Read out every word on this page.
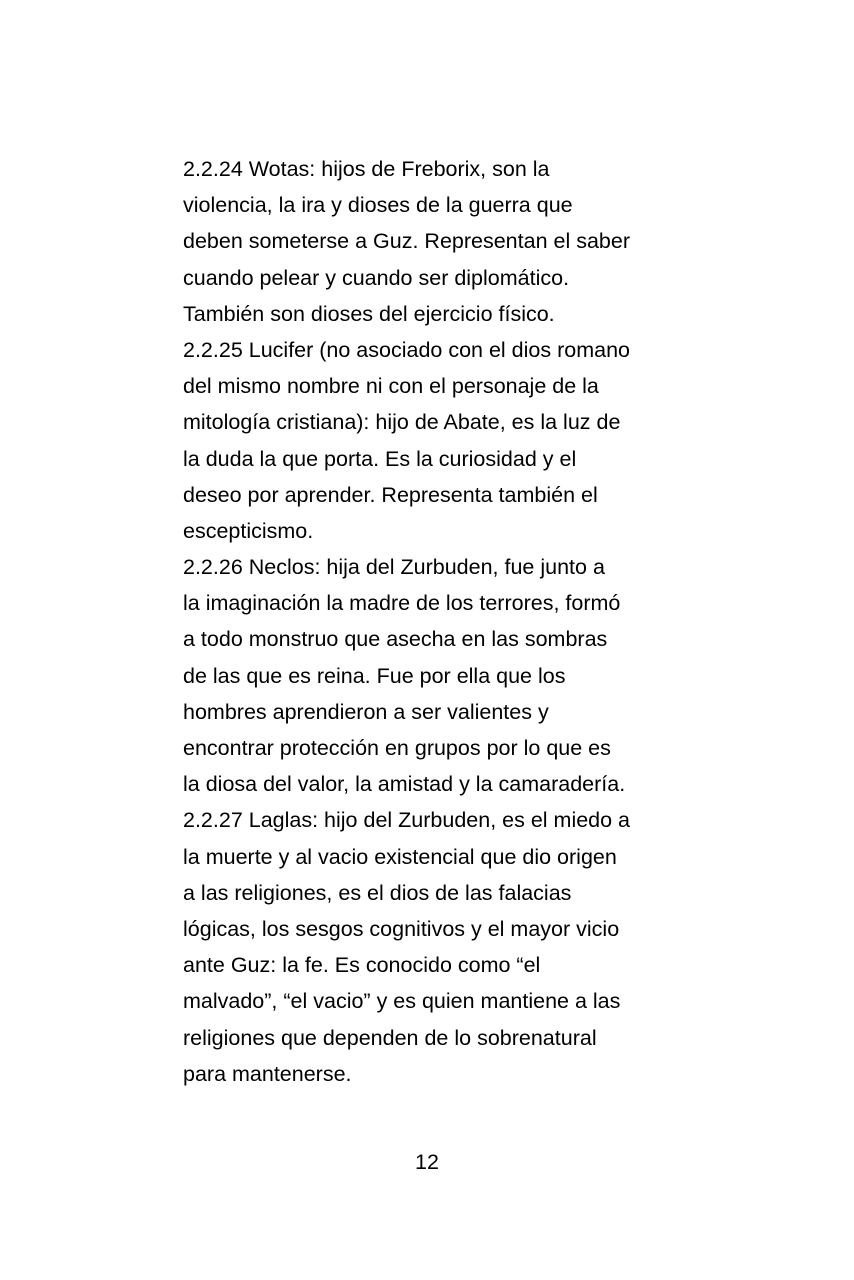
2.2.24 Wotas: hijos de Freborix, son la
violencia, la ira y dioses de la guerra que
deben someterse a Guz. Representan el saber
cuando pelear y cuando ser diplomático.
También son dioses del ejercicio físico.
2.2.25 Lucifer (no asociado con el dios romano
del mismo nombre ni con el personaje de la
mitología cristiana): hijo de Abate, es la luz de
la duda la que porta. Es la curiosidad y el
deseo por aprender. Representa también el
escepticismo.
2.2.26 Neclos: hija del Zurbuden, fue junto a
la imaginación la madre de los terrores, formó
a todo monstruo que asecha en las sombras
de las que es reina. Fue por ella que los
hombres aprendieron a ser valientes y
encontrar protección en grupos por lo que es
la diosa del valor, la amistad y la camaradería.
2.2.27 Laglas: hijo del Zurbuden, es el miedo a
la muerte y al vacio existencial que dio origen
a las religiones, es el dios de las falacias
lógicas, los sesgos cognitivos y el mayor vicio
ante Guz: la fe. Es conocido como “el
malvado”, “el vacio” y es quien mantiene a las
religiones que dependen de lo sobrenatural
para mantenerse.
12
